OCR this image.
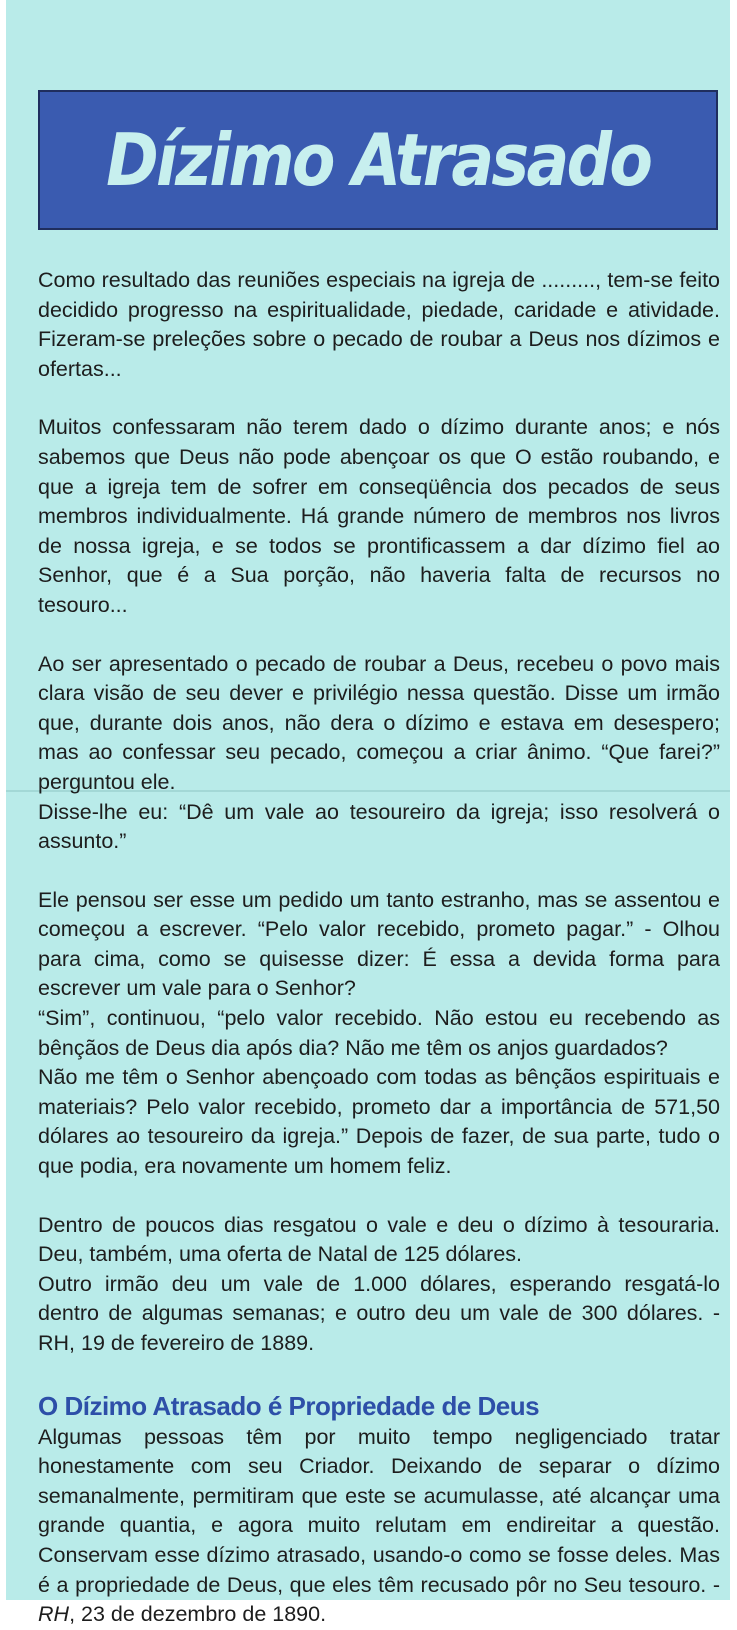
Dízimo Atrasado

Como resultado das reuniões especiais na igreja de ........., tem-se feito decidido progresso na espiritualidade, piedade, caridade e atividade. Fizeram-se preleções sobre o pecado de roubar a Deus nos dízimos e ofertas...

Muitos confessaram não terem dado o dízimo durante anos; e nós sabemos que Deus não pode abençoar os que O estão roubando, e que a igreja tem de sofrer em conseqüência dos pecados de seus membros individualmente. Há grande número de membros nos livros de nossa igreja, e se todos se prontificassem a dar dízimo fiel ao Senhor, que é a Sua porção, não haveria falta de recursos no tesouro...

Ao ser apresentado o pecado de roubar a Deus, recebeu o povo mais clara visão de seu dever e privilégio nessa questão. Disse um irmão que, durante dois anos, não dera o dízimo e estava em desespero; mas ao confessar seu pecado, começou a criar ânimo. “Que farei?” perguntou ele.

Disse-lhe eu: “Dê um vale ao tesoureiro da igreja; isso resolverá o assunto.”

Ele pensou ser esse um pedido um tanto estranho, mas se assentou e começou a escrever. “Pelo valor recebido, prometo pagar.” - Olhou para cima, como se quisesse dizer: É essa a devida forma para escrever um vale para o Senhor?

“Sim”, continuou, “pelo valor recebido. Não estou eu recebendo as bênçãos de Deus dia após dia? Não me têm os anjos guardados?

Não me têm o Senhor abençoado com todas as bênçãos espirituais e materiais? Pelo valor recebido, prometo dar a importância de 571,50 dólares ao tesoureiro da igreja.” Depois de fazer, de sua parte, tudo o que podia, era novamente um homem feliz.

Dentro de poucos dias resgatou o vale e deu o dízimo à tesouraria. Deu, também, uma oferta de Natal de 125 dólares.

Outro irmão deu um vale de 1.000 dólares, esperando resgatá-lo dentro de algumas semanas; e outro deu um vale de 300 dólares. - RH, 19 de fevereiro de 1889.

O Dízimo Atrasado é Propriedade de Deus

Algumas pessoas têm por muito tempo negligenciado tratar honestamente com seu Criador. Deixando de separar o dízimo semanalmente, permitiram que este se acumulasse, até alcançar uma grande quantia, e agora muito relutam em endireitar a questão. Conservam esse dízimo atrasado, usando-o como se fosse deles. Mas é a propriedade de Deus, que eles têm recusado pôr no Seu tesouro. - RH, 23 de dezembro de 1890.
